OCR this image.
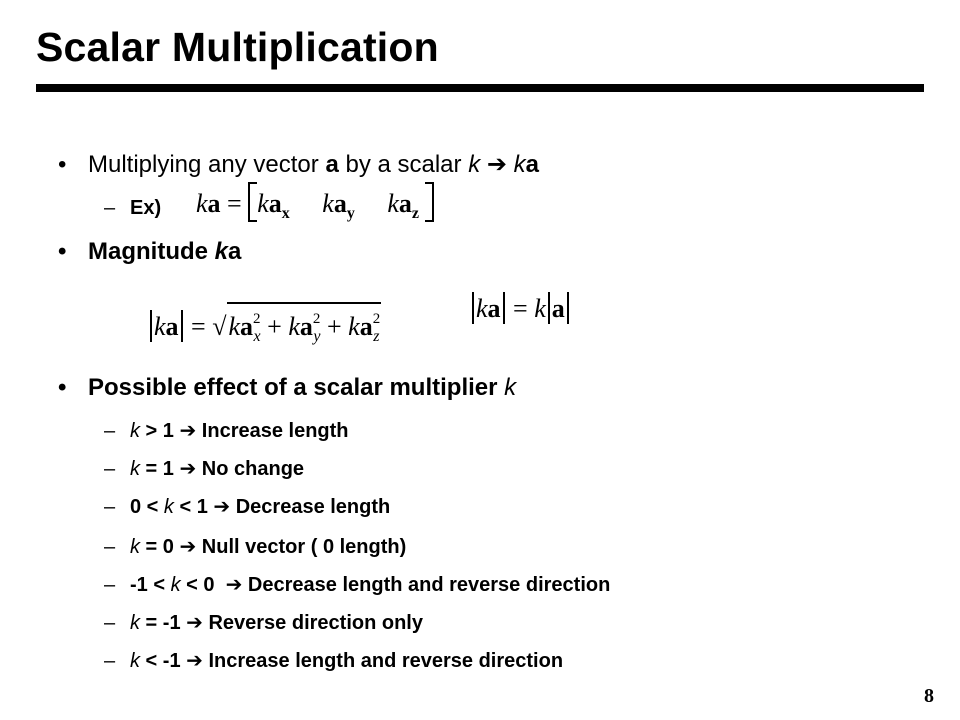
Scalar Multiplication
• Multiplying any vector a by a scalar k ➔ ka
– Ex) ka = $ka_x$ $ka_y$ $ka_z$
• Magnitude ka
ka = $√ka^2_x + ka^2_y + ka^2_z$
ka = k a
• Possible effect of a scalar multiplier k
– k > 1 ➔ Increase length
– k = 1 ➔ No change
– 0 < k < 1 ➔ Decrease length
– k = 0 ➔ Null vector ( 0 length)
– -1 < k < 0  ➔ Decrease length and reverse direction
– k = -1 ➔ Reverse direction only
– k < -1 ➔ Increase length and reverse direction
8
